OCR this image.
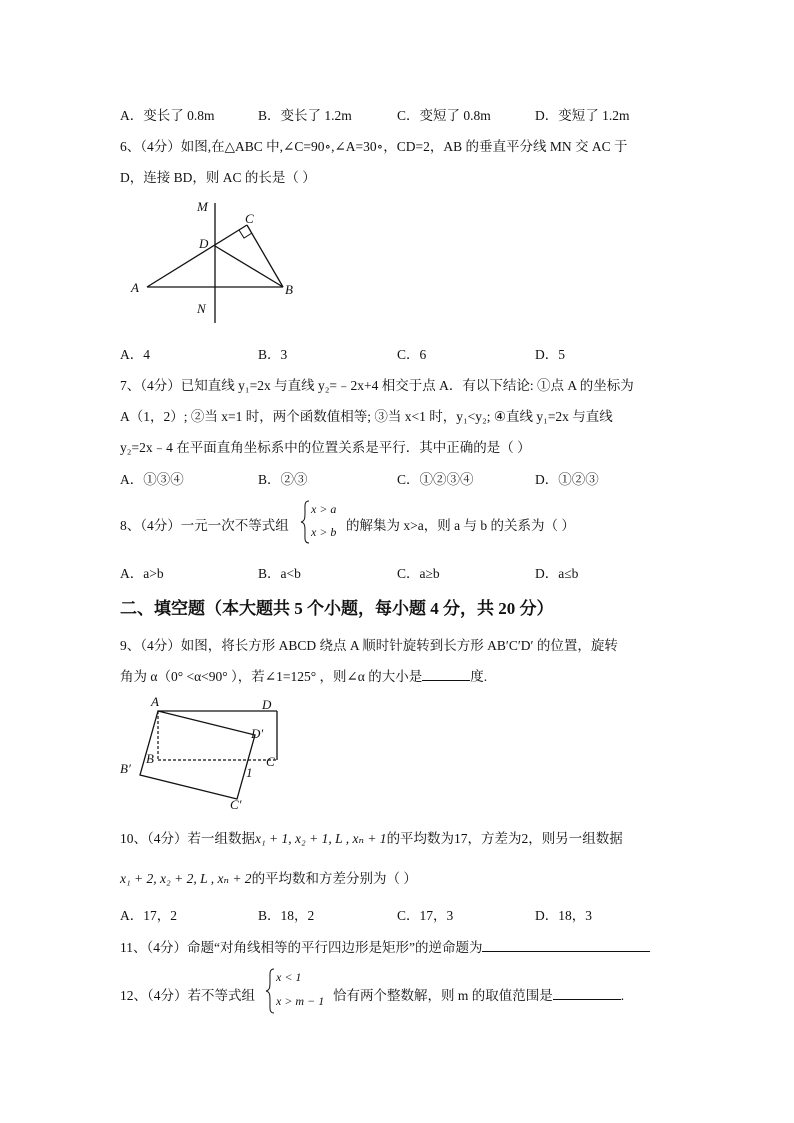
A．变长了 0.8m	B．变长了 1.2m	C．变短了 0.8m	D．变短了 1.2m
6、（4分）如图,在△ABC 中,∠C=90∘,∠A=30∘，CD=2，AB 的垂直平分线 MN 交 AC 于
D，连接 BD，则 AC 的长是（ ）
M
C
D
A	B
N
A．4	B．3	C．6	D．5
7、（4分）已知直线 y₁=2x 与直线 y₂=﹣2x+4 相交于点 A．有以下结论: ①点 A 的坐标为
A（1，2）; ②当 x=1 时，两个函数值相等; ③当 x<1 时，y₁<y₂; ④直线 y₁=2x 与直线
y₂=2x﹣4 在平面直角坐标系中的位置关系是平行．其中正确的是（ ）
A．①③④	B．②③	C．①②③④	D．①②③
8、（4分）一元一次不等式组
x > a
x > b 的解集为 x>a，则 a 与 b 的关系为（ ）
A．a>b	B．a<b	C．a≥b	D．a≤b
二、填空题（本大题共 5 个小题，每小题 4 分，共 20 分）
9、（4分）如图，将长方形 ABCD 绕点 A 顺时针旋转到长方形 AB′C′D′ 的位置，旋转
角为 α（0° <α<90° ），若∠1=125° ，则∠α 的大小是	度.
A	D
D′
B
B′	C
1
C′
10、（4分）若一组数据x₁ + 1, x₂ + 1, L , xₙ + 1的平均数为17，方差为2，则另一组数据
x₁ + 2, x₂ + 2, L , xₙ + 2的平均数和方差分别为（ ）
A．17，2	B．18，2	C．17，3	D．18，3
11、（4分）命题“对角线相等的平行四边形是矩形”的逆命题为
12、（4分）若不等式组
x < 1
x > m − 1 恰有两个整数解，则 m 的取值范围是	.
